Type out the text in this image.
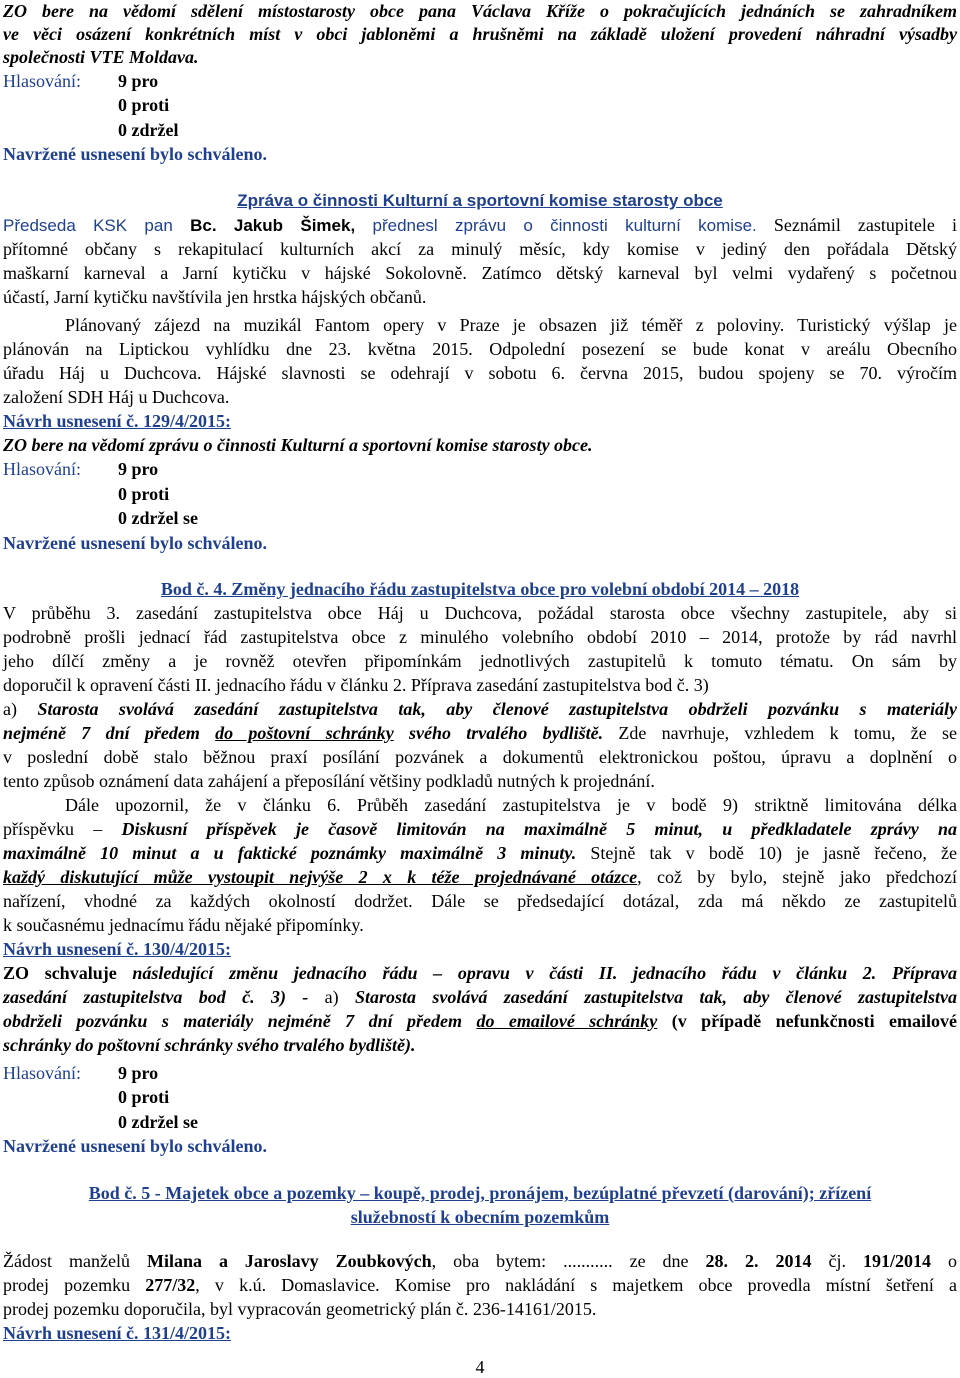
ZO bere na vědomí sdělení místostarosty obce pana Václava Kříže o pokračujících jednáních se zahradníkem
ve věci osázení konkrétních míst v obci jabloněmi a hrušněmi na základě uložení provedení náhradní výsadby
společnosti VTE Moldava.
Hlasování: 9 pro
0 proti
0 zdržel
Navržené usnesení bylo schváleno.
Zpráva o činnosti Kulturní a sportovní komise starosty obce
Předseda KSK pan Bc. Jakub Šimek, přednesl zprávu o činnosti kulturní komise. Seznámil zastupitele i
přítomné občany s rekapitulací kulturních akcí za minulý měsíc, kdy komise v jediný den pořádala Dětský
maškarní karneval a Jarní kytičku v hájské Sokolovně. Zatímco dětský karneval byl velmi vydařený s početnou
účastí, Jarní kytičku navštívila jen hrstka hájských občanů.
Plánovaný zájezd na muzikál Fantom opery v Praze je obsazen již téměř z poloviny. Turistický výšlap je
plánován na Liptickou vyhlídku dne 23. května 2015. Odpolední posezení se bude konat v areálu Obecního
úřadu Háj u Duchcova. Hájské slavnosti se odehrají v sobotu 6. června 2015, budou spojeny se 70. výročím
založení SDH Háj u Duchcova.
Návrh usnesení č. 129/4/2015:
ZO bere na vědomí zprávu o činnosti Kulturní a sportovní komise starosty obce.
Hlasování: 9 pro
0 proti
0 zdržel se
Navržené usnesení bylo schváleno.
Bod č. 4. Změny jednacího řádu zastupitelstva obce pro volební období 2014 – 2018
V průběhu 3. zasedání zastupitelstva obce Háj u Duchcova, požádal starosta obce všechny zastupitele, aby si
podrobně prošli jednací řád zastupitelstva obce z minulého volebního období 2010 – 2014, protože by rád navrhl
jeho dílčí změny a je rovněž otevřen připomínkám jednotlivých zastupitelů k tomuto tématu. On sám by
doporučil k opravení části II. jednacího řádu v článku 2. Příprava zasedání zastupitelstva bod č. 3)
a) Starosta svolává zasedání zastupitelstva tak, aby členové zastupitelstva obdrželi pozvánku s materiály
nejméně 7 dní předem do poštovní schránky svého trvalého bydliště. Zde navrhuje, vzhledem k tomu, že se
v poslední době stalo běžnou praxí posílání pozvánek a dokumentů elektronickou poštou, úpravu a doplnění o
tento způsob oznámení data zahájení a přeposílání většiny podkladů nutných k projednání.
Dále upozornil, že v článku 6. Průběh zasedání zastupitelstva je v bodě 9) striktně limitována délka
příspěvku – Diskusní příspěvek je časově limitován na maximálně 5 minut, u předkladatele zprávy na
maximálně 10 minut a u faktické poznámky maximálně 3 minuty. Stejně tak v bodě 10) je jasně řečeno, že
každý diskutující může vystoupit nejvýše 2 x k téže projednávané otázce, což by bylo, stejně jako předchozí
nařízení, vhodné za každých okolností dodržet. Dále se předsedající dotázal, zda má někdo ze zastupitelů
k současnému jednacímu řádu nějaké připomínky.
Návrh usnesení č. 130/4/2015:
ZO schvaluje následující změnu jednacího řádu – opravu v části II. jednacího řádu v článku 2. Příprava
zasedání zastupitelstva bod č. 3) - a) Starosta svolává zasedání zastupitelstva tak, aby členové zastupitelstva
obdrželi pozvánku s materiály nejméně 7 dní předem do emailové schránky (v případě nefunkčnosti emailové
schránky do poštovní schránky svého trvalého bydliště).
Hlasování: 9 pro
0 proti
0 zdržel se
Navržené usnesení bylo schváleno.
Bod č. 5 - Majetek obce a pozemky – koupě, prodej, pronájem, bezúplatné převzetí (darování); zřízení
služebností k obecním pozemkům
Žádost manželů Milana a Jaroslavy Zoubkových, oba bytem: ........... ze dne 28. 2. 2014 čj. 191/2014 o
prodej pozemku 277/32, v k.ú. Domaslavice. Komise pro nakládání s majetkem obce provedla místní šetření a
prodej pozemku doporučila, byl vypracován geometrický plán č. 236-14161/2015.
Návrh usnesení č. 131/4/2015:
4
